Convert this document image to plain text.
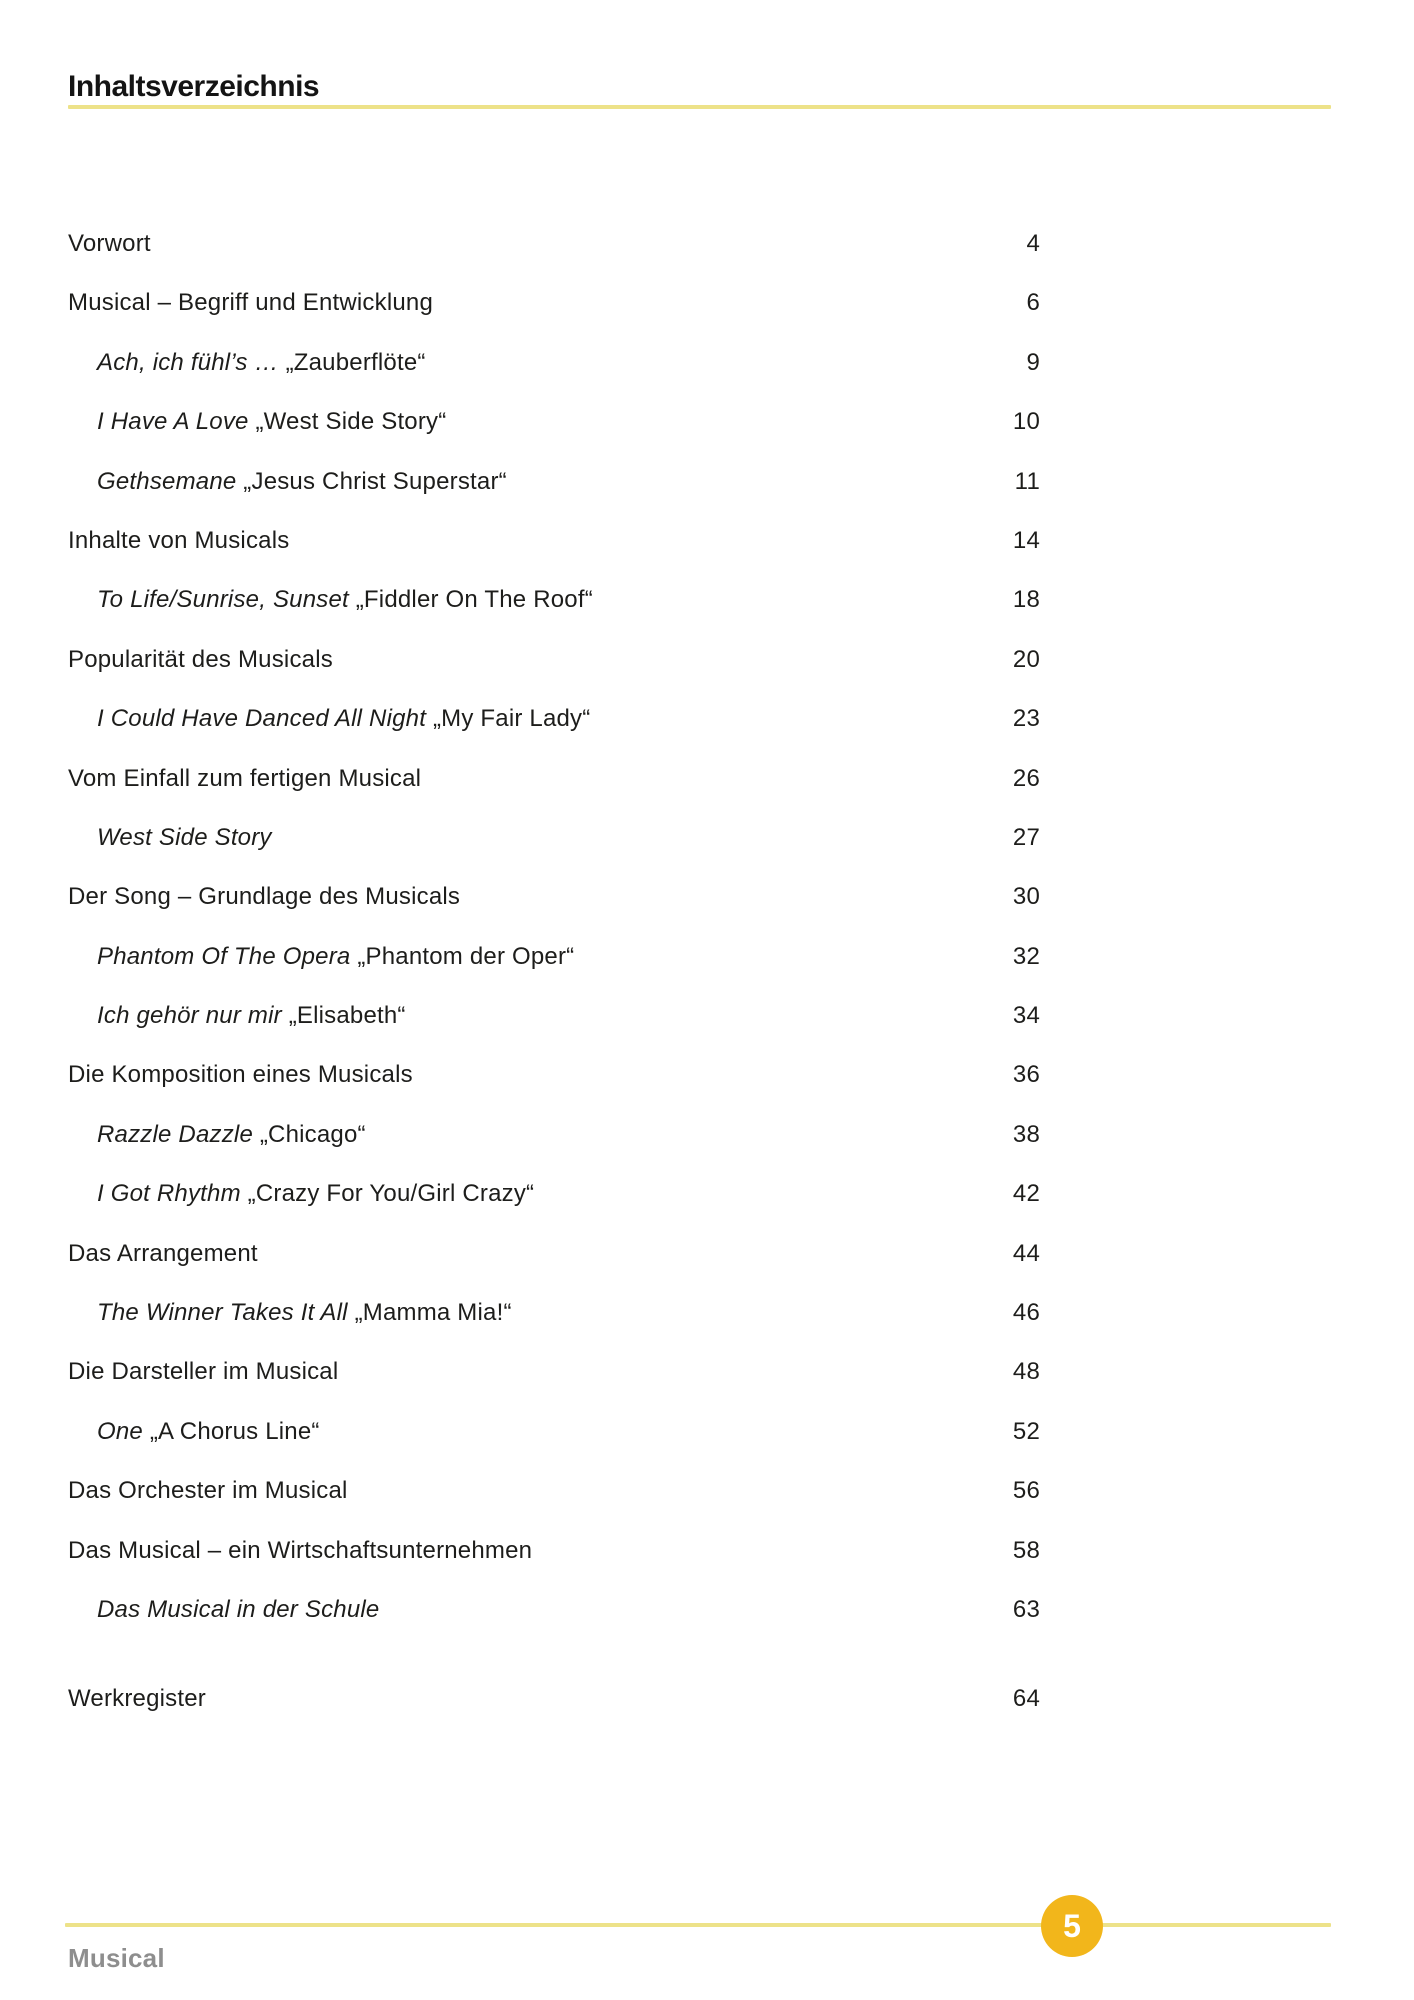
Inhaltsverzeichnis
Vorwort	4
Musical – Begriff und Entwicklung	6
Ach, ich fühl’s … „Zauberflöte“	9
I Have A Love „West Side Story“	10
Gethsemane „Jesus Christ Superstar“	11
Inhalte von Musicals	14
To Life/Sunrise, Sunset „Fiddler On The Roof“	18
Popularität des Musicals	20
I Could Have Danced All Night „My Fair Lady“	23
Vom Einfall zum fertigen Musical	26
West Side Story	27
Der Song – Grundlage des Musicals	30
Phantom Of The Opera „Phantom der Oper“	32
Ich gehör nur mir „Elisabeth“	34
Die Komposition eines Musicals	36
Razzle Dazzle „Chicago“	38
I Got Rhythm „Crazy For You/Girl Crazy“	42
Das Arrangement	44
The Winner Takes It All „Mamma Mia!“	46
Die Darsteller im Musical	48
One „A Chorus Line“	52
Das Orchester im Musical	56
Das Musical – ein Wirtschaftsunternehmen	58
Das Musical in der Schule	63
Werkregister	64
5
Musical
